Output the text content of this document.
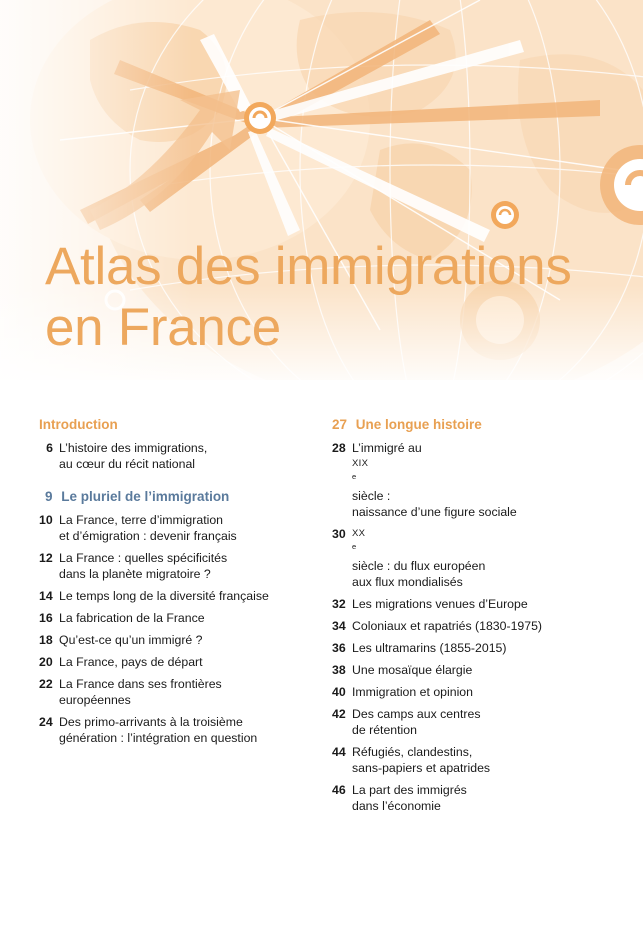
Atlas des immigrations
en France
Introduction
6 L’histoire des immigrations,
au cœur du récit national
9 Le pluriel de l’immigration
10 La France, terre d’immigration
et d’émigration : devenir français
12 La France : quelles spécificités
dans la planète migratoire ?
14 Le temps long de la diversité française
16 La fabrication de la France
18 Qu’est-ce qu’un immigré ?
20 La France, pays de départ
22 La France dans ses frontières
européennes
24 Des primo-arrivants à la troisième
génération : l’intégration en question
27 Une longue histoire
28 L’immigré au
XIX
$^e$
siècle :
naissance d’une figure sociale
30 XX
$^e$
siècle : du flux européen
aux flux mondialisés
32 Les migrations venues d’Europe
34 Coloniaux et rapatriés (1830-1975)
36 Les ultramarins (1855-2015)
38 Une mosaïque élargie
40 Immigration et opinion
42 Des camps aux centres
de rétention
44 Réfugiés, clandestins,
sans-papiers et apatrides
46 La part des immigrés
dans l’économie
